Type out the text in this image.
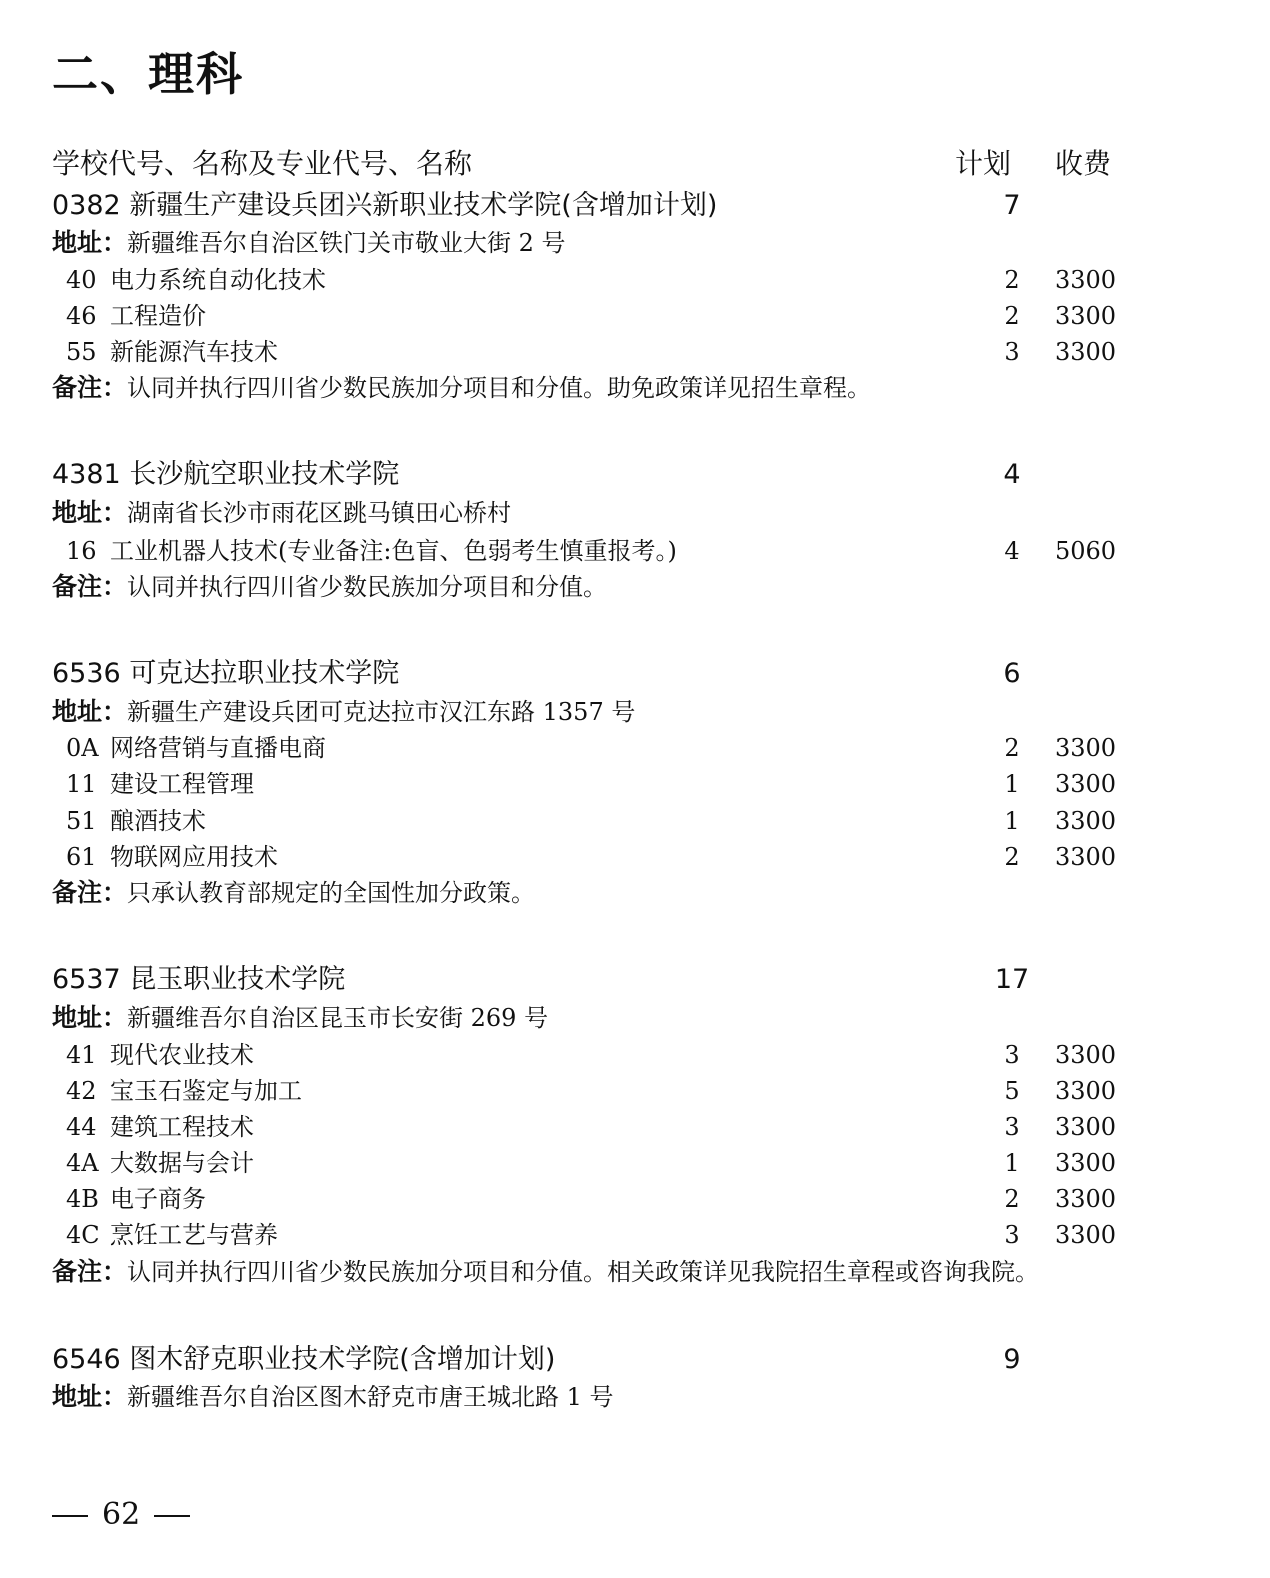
二、理科
学校代号、名称及专业代号、名称	计划 收费
0382 新疆生产建设兵团兴新职业技术学院(含增加计划)	7
地址：新疆维吾尔自治区铁门关市敬业大街 2 号
40 电力系统自动化技术	2	3300
46 工程造价	2	3300
55 新能源汽车技术	3	3300
备注：认同并执行四川省少数民族加分项目和分值。助免政策详见招生章程。
4381 长沙航空职业技术学院	4
地址：湖南省长沙市雨花区跳马镇田心桥村
16 工业机器人技术(专业备注:色盲、色弱考生慎重报考。)	4	5060
备注：认同并执行四川省少数民族加分项目和分值。
6536 可克达拉职业技术学院	6
地址：新疆生产建设兵团可克达拉市汉江东路 1357 号
0A 网络营销与直播电商	2	3300
11 建设工程管理	1	3300
51 酿酒技术	1	3300
61 物联网应用技术	2	3300
备注：只承认教育部规定的全国性加分政策。
6537 昆玉职业技术学院	17
地址：新疆维吾尔自治区昆玉市长安街 269 号
41 现代农业技术	3	3300
42 宝玉石鉴定与加工	5	3300
44 建筑工程技术	3	3300
4A 大数据与会计	1	3300
4B 电子商务	2	3300
4C 烹饪工艺与营养	3	3300
备注：认同并执行四川省少数民族加分项目和分值。相关政策详见我院招生章程或咨询我院。
6546 图木舒克职业技术学院(含增加计划)	9
地址：新疆维吾尔自治区图木舒克市唐王城北路 1 号
62
